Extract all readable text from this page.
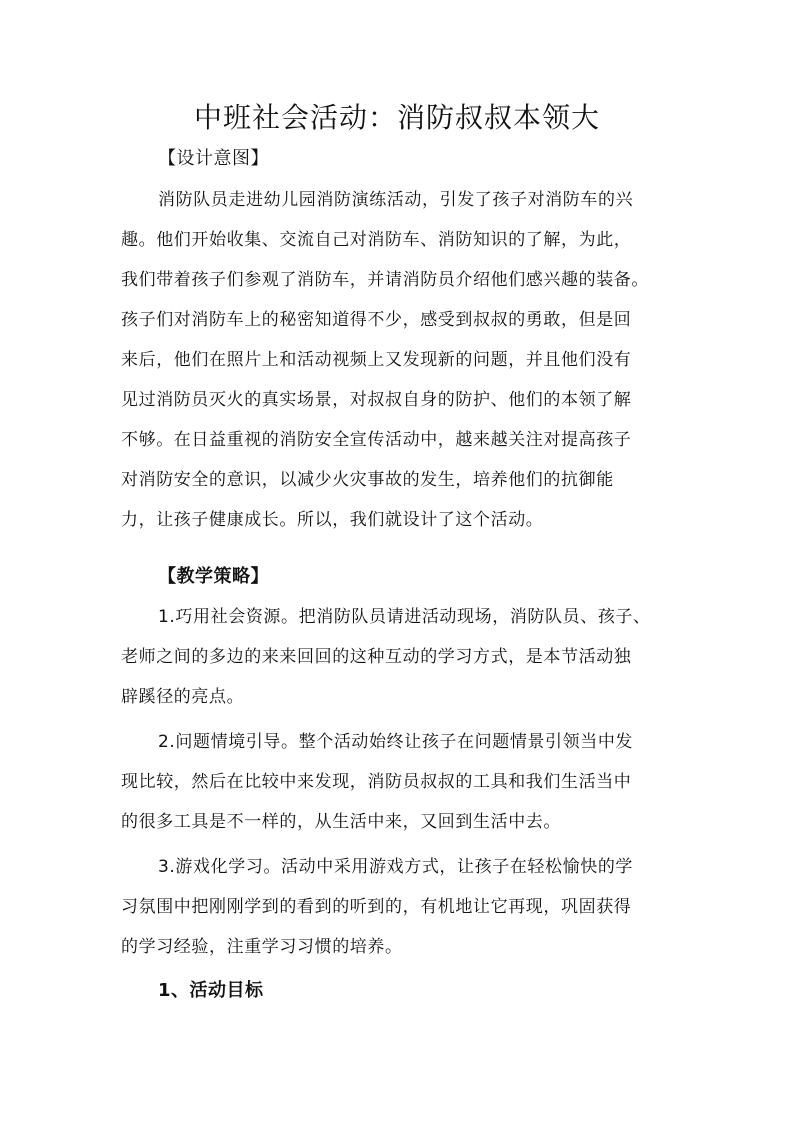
中班社会活动：消防叔叔本领大
【设计意图】
消防队员走进幼儿园消防演练活动，引发了孩子对消防车的兴
趣。他们开始收集、交流自己对消防车、消防知识的了解，为此，
我们带着孩子们参观了消防车，并请消防员介绍他们感兴趣的装备。
孩子们对消防车上的秘密知道得不少，感受到叔叔的勇敢，但是回
来后，他们在照片上和活动视频上又发现新的问题，并且他们没有
见过消防员灭火的真实场景，对叔叔自身的防护、他们的本领了解
不够。在日益重视的消防安全宣传活动中，越来越关注对提高孩子
对消防安全的意识，以减少火灾事故的发生，培养他们的抗御能
力，让孩子健康成长。所以，我们就设计了这个活动。
【教学策略】
1.巧用社会资源。把消防队员请进活动现场，消防队员、孩子、
老师之间的多边的来来回回的这种互动的学习方式，是本节活动独
辟蹊径的亮点。
2.问题情境引导。整个活动始终让孩子在问题情景引领当中发
现比较，然后在比较中来发现，消防员叔叔的工具和我们生活当中
的很多工具是不一样的，从生活中来，又回到生活中去。
3.游戏化学习。活动中采用游戏方式，让孩子在轻松愉快的学
习氛围中把刚刚学到的看到的听到的，有机地让它再现，巩固获得
的学习经验，注重学习习惯的培养。
1、活动目标
